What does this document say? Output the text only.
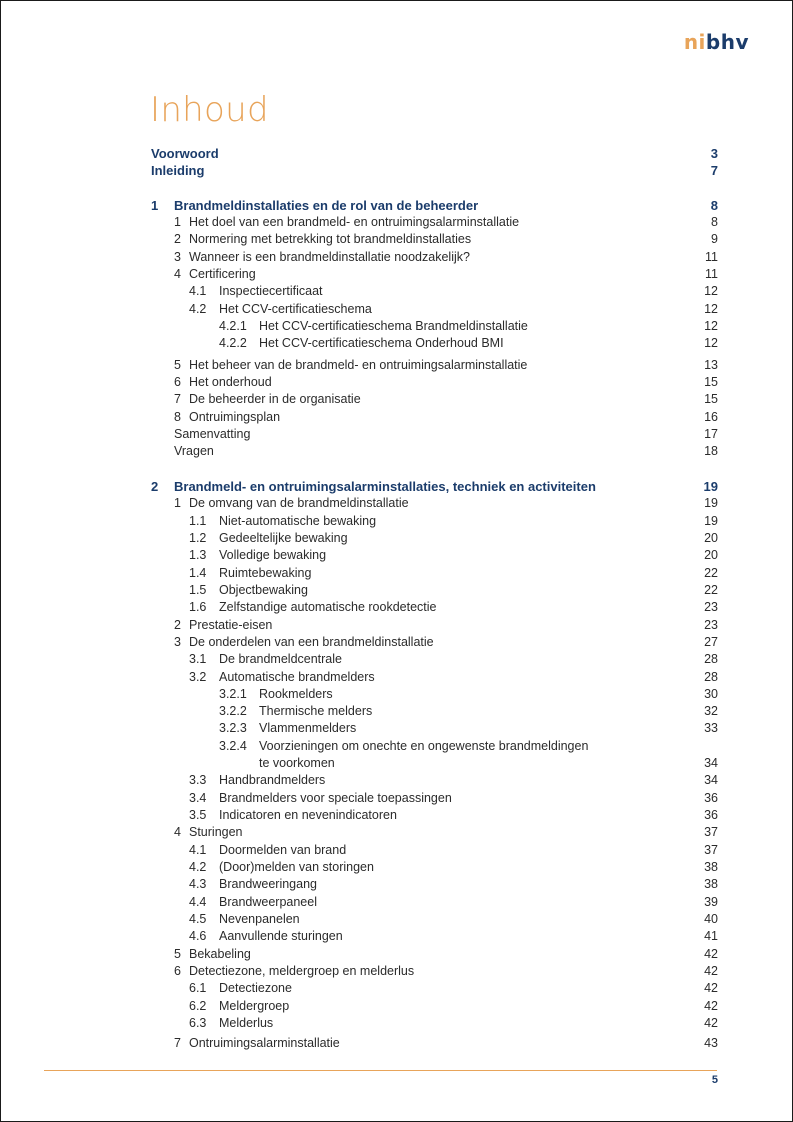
nibhv
Inhoud
Voorwoord	3
Inleiding	7
1 Brandmeldinstallaties en de rol van de beheerder	8
1 Het doel van een brandmeld- en ontruimingsalarminstallatie	8
2 Normering met betrekking tot brandmeldinstallaties	9
3 Wanneer is een brandmeldinstallatie noodzakelijk?	11
4 Certificering	11
4.1 Inspectiecertificaat	12
4.2 Het CCV-certificatieschema	12
4.2.1 Het CCV-certificatieschema Brandmeldinstallatie	12
4.2.2 Het CCV-certificatieschema Onderhoud BMI	12
5 Het beheer van de brandmeld- en ontruimingsalarminstallatie	13
6 Het onderhoud	15
7 De beheerder in de organisatie	15
8 Ontruimingsplan	16
Samenvatting	17
Vragen	18
2 Brandmeld- en ontruimingsalarminstallaties, techniek en activiteiten	19
1 De omvang van de brandmeldinstallatie	19
1.1 Niet-automatische bewaking	19
1.2 Gedeeltelijke bewaking	20
1.3 Volledige bewaking	20
1.4 Ruimtebewaking	22
1.5 Objectbewaking	22
1.6 Zelfstandige automatische rookdetectie	23
2 Prestatie-eisen	23
3 De onderdelen van een brandmeldinstallatie	27
3.1 De brandmeldcentrale	28
3.2 Automatische brandmelders	28
3.2.1 Rookmelders	30
3.2.2 Thermische melders	32
3.2.3 Vlammenmelders	33
3.2.4 Voorzieningen om onechte en ongewenste brandmeldingen
te voorkomen	34
3.3 Handbrandmelders	34
3.4 Brandmelders voor speciale toepassingen	36
3.5 Indicatoren en nevenindicatoren	36
4 Sturingen	37
4.1 Doormelden van brand	37
4.2 (Door)melden van storingen	38
4.3 Brandweeringang	38
4.4 Brandweerpaneel	39
4.5 Nevenpanelen	40
4.6 Aanvullende sturingen	41
5 Bekabeling	42
6 Detectiezone, meldergroep en melderlus	42
6.1 Detectiezone	42
6.2 Meldergroep	42
6.3 Melderlus	42
7 Ontruimingsalarminstallatie	43
5
